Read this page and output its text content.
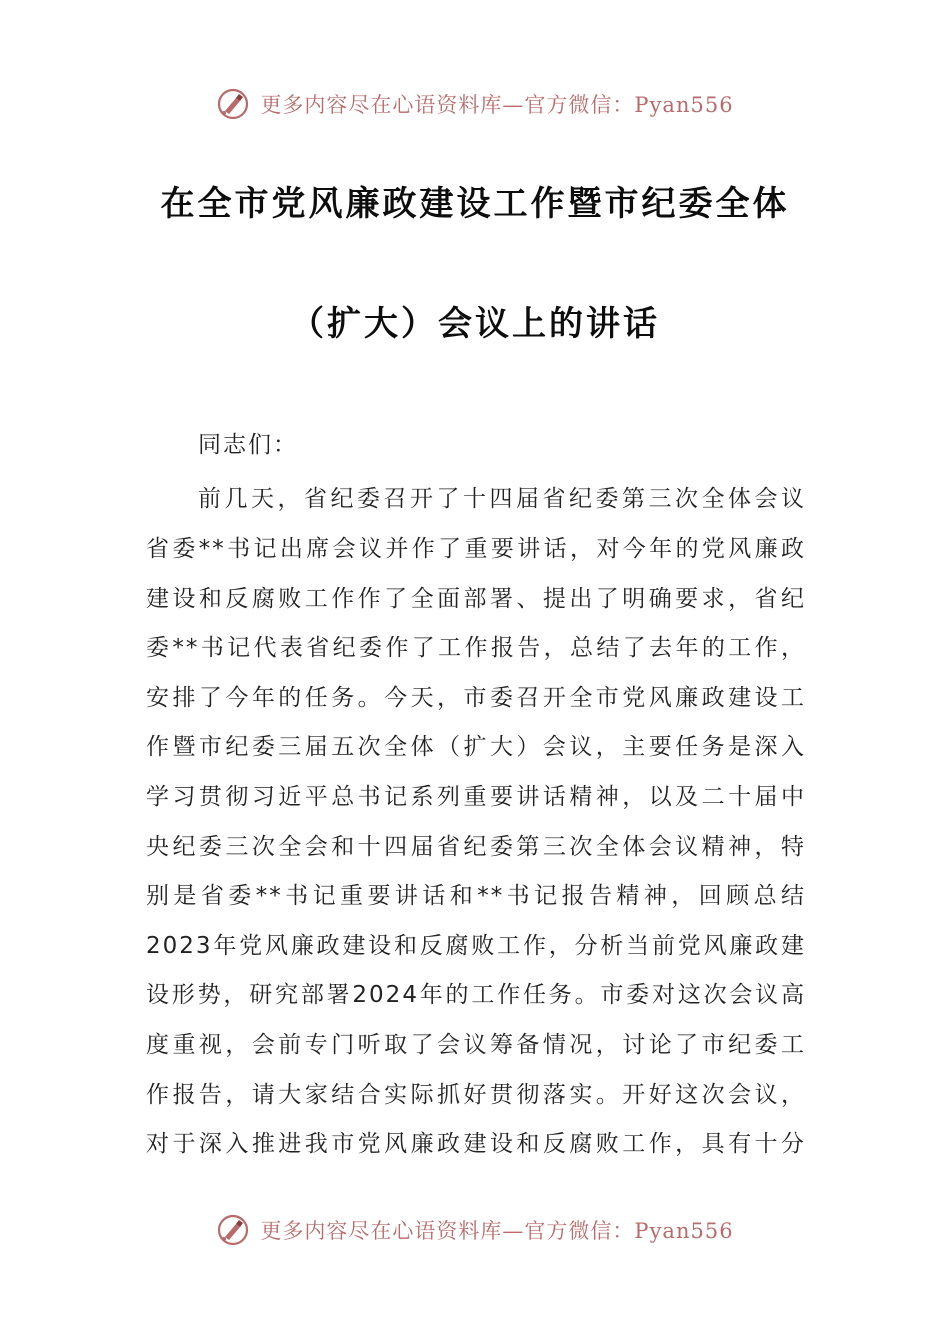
更多内容尽在心语资料库—官方微信：Pyan556
在全市党风廉政建设工作暨市纪委全体
（扩大）会议上的讲话
同志们：
前几天，省纪委召开了十四届省纪委第三次全体会议
省委**书记出席会议并作了重要讲话，对今年的党风廉政
建设和反腐败工作作了全面部署、提出了明确要求，省纪
委**书记代表省纪委作了工作报告，总结了去年的工作，
安排了今年的任务。今天，市委召开全市党风廉政建设工
作暨市纪委三届五次全体（扩大）会议，主要任务是深入
学习贯彻习近平总书记系列重要讲话精神，以及二十届中
央纪委三次全会和十四届省纪委第三次全体会议精神，特
别是省委**书记重要讲话和**书记报告精神，回顾总结
2023年党风廉政建设和反腐败工作，分析当前党风廉政建
设形势，研究部署2024年的工作任务。市委对这次会议高
度重视，会前专门听取了会议筹备情况，讨论了市纪委工
作报告，请大家结合实际抓好贯彻落实。开好这次会议，
对于深入推进我市党风廉政建设和反腐败工作，具有十分
更多内容尽在心语资料库—官方微信：Pyan556
